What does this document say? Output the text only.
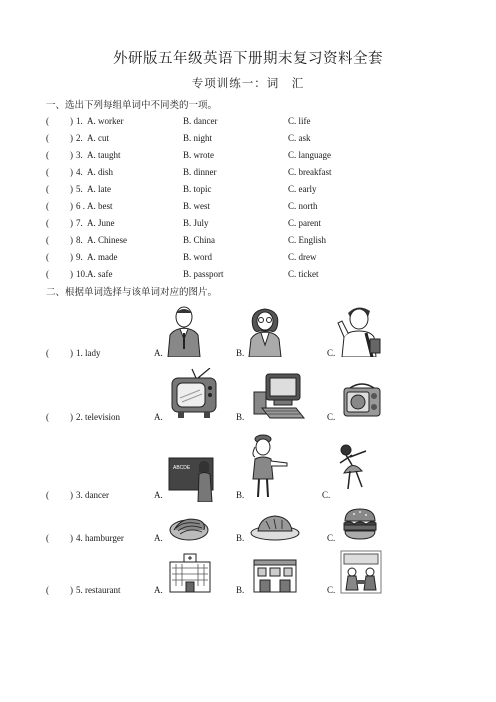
外研版五年级英语下册期末复习资料全套
专项训练一：词　汇
一、选出下列每组单词中不同类的一项。
( ) 1. A. worker	B. dancer	C. life
( ) 2. A. cut	B. night	C. ask
( ) 3. A. taught	B. wrote	C. language
( ) 4. A. dish	B. dinner	C. breakfast
( ) 5. A. late	B. topic	C. early
( ) 6 . A. best	B. west	C. north
( ) 7. A. June	B. July	C. parent
( ) 8. A. Chinese	B. China	C. English
( ) 9. A. made	B. word	C. drew
( ) 10. A. safe	B. passport	C. ticket
二、根据单词选择与该单词对应的图片。
( ) 1. lady	A.	B.	C.
( ) 2. television	A.	B.	C.
( ) 3. dancer	A.	B.	C.
ABCDE
( ) 4. hamburger	A.	B.	C.
( ) 5. restaurant	A.	B.	C.
